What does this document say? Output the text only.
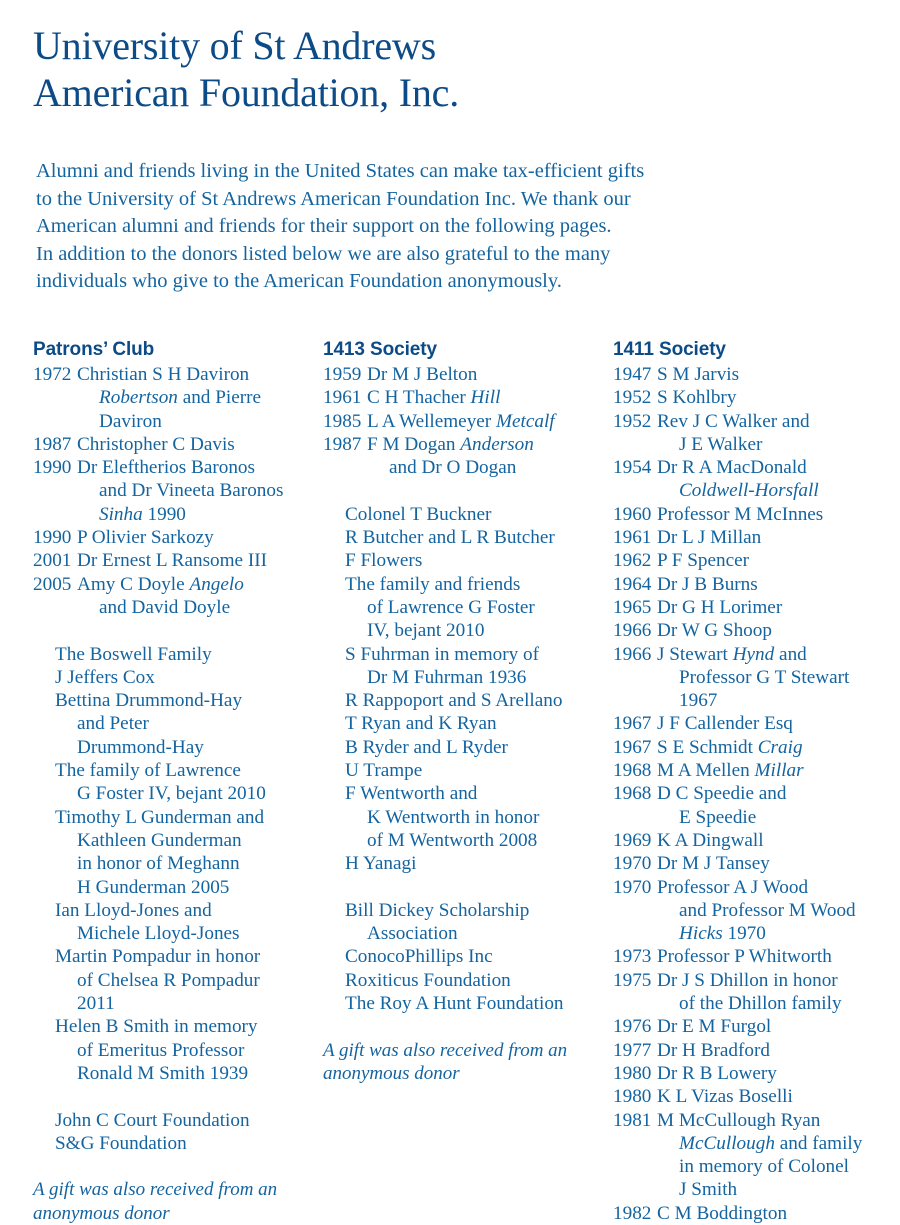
University of St Andrews
American Foundation, Inc.
Alumni and friends living in the United States can make tax-efficient gifts
to the University of St Andrews American Foundation Inc. We thank our
American alumni and friends for their support on the following pages.
In addition to the donors listed below we are also grateful to the many
individuals who give to the American Foundation anonymously.
Patrons’ Club
1972 Christian S H Daviron
Robertson and Pierre
Daviron
1987 Christopher C Davis
1990 Dr Eleftherios Baronos
and Dr Vineeta Baronos
Sinha 1990
1990 P Olivier Sarkozy
2001 Dr Ernest L Ransome III
2005 Amy C Doyle Angelo
and David Doyle
The Boswell Family
J Jeffers Cox
Bettina Drummond-Hay
and Peter
Drummond-Hay
The family of Lawrence
G Foster IV, bejant 2010
Timothy L Gunderman and
Kathleen Gunderman
in honor of Meghann
H Gunderman 2005
Ian Lloyd-Jones and
Michele Lloyd-Jones
Martin Pompadur in honor
of Chelsea R Pompadur
2011
Helen B Smith in memory
of Emeritus Professor
Ronald M Smith 1939
John C Court Foundation
S&G Foundation
A gift was also received from an
anonymous donor
1413 Society
1959 Dr M J Belton
1961 C H Thacher Hill
1985 L A Wellemeyer Metcalf
1987 F M Dogan Anderson
and Dr O Dogan
Colonel T Buckner
R Butcher and L R Butcher
F Flowers
The family and friends
of Lawrence G Foster
IV, bejant 2010
S Fuhrman in memory of
Dr M Fuhrman 1936
R Rappoport and S Arellano
T Ryan and K Ryan
B Ryder and L Ryder
U Trampe
F Wentworth and
K Wentworth in honor
of M Wentworth 2008
H Yanagi
Bill Dickey Scholarship
Association
ConocoPhillips Inc
Roxiticus Foundation
The Roy A Hunt Foundation
A gift was also received from an
anonymous donor
1411 Society
1947 S M Jarvis
1952 S Kohlbry
1952 Rev J C Walker and
J E Walker
1954 Dr R A MacDonald
Coldwell-Horsfall
1960 Professor M McInnes
1961 Dr L J Millan
1962 P F Spencer
1964 Dr J B Burns
1965 Dr G H Lorimer
1966 Dr W G Shoop
1966 J Stewart Hynd and
Professor G T Stewart
1967
1967 J F Callender Esq
1967 S E Schmidt Craig
1968 M A Mellen Millar
1968 D C Speedie and
E Speedie
1969 K A Dingwall
1970 Dr M J Tansey
1970 Professor A J Wood
and Professor M Wood
Hicks 1970
1973 Professor P Whitworth
1975 Dr J S Dhillon in honor
of the Dhillon family
1976 Dr E M Furgol
1977 Dr H Bradford
1980 Dr R B Lowery
1980 K L Vizas Boselli
1981 M McCullough Ryan
McCullough and family
in memory of Colonel
J Smith
1982 C M Boddington
